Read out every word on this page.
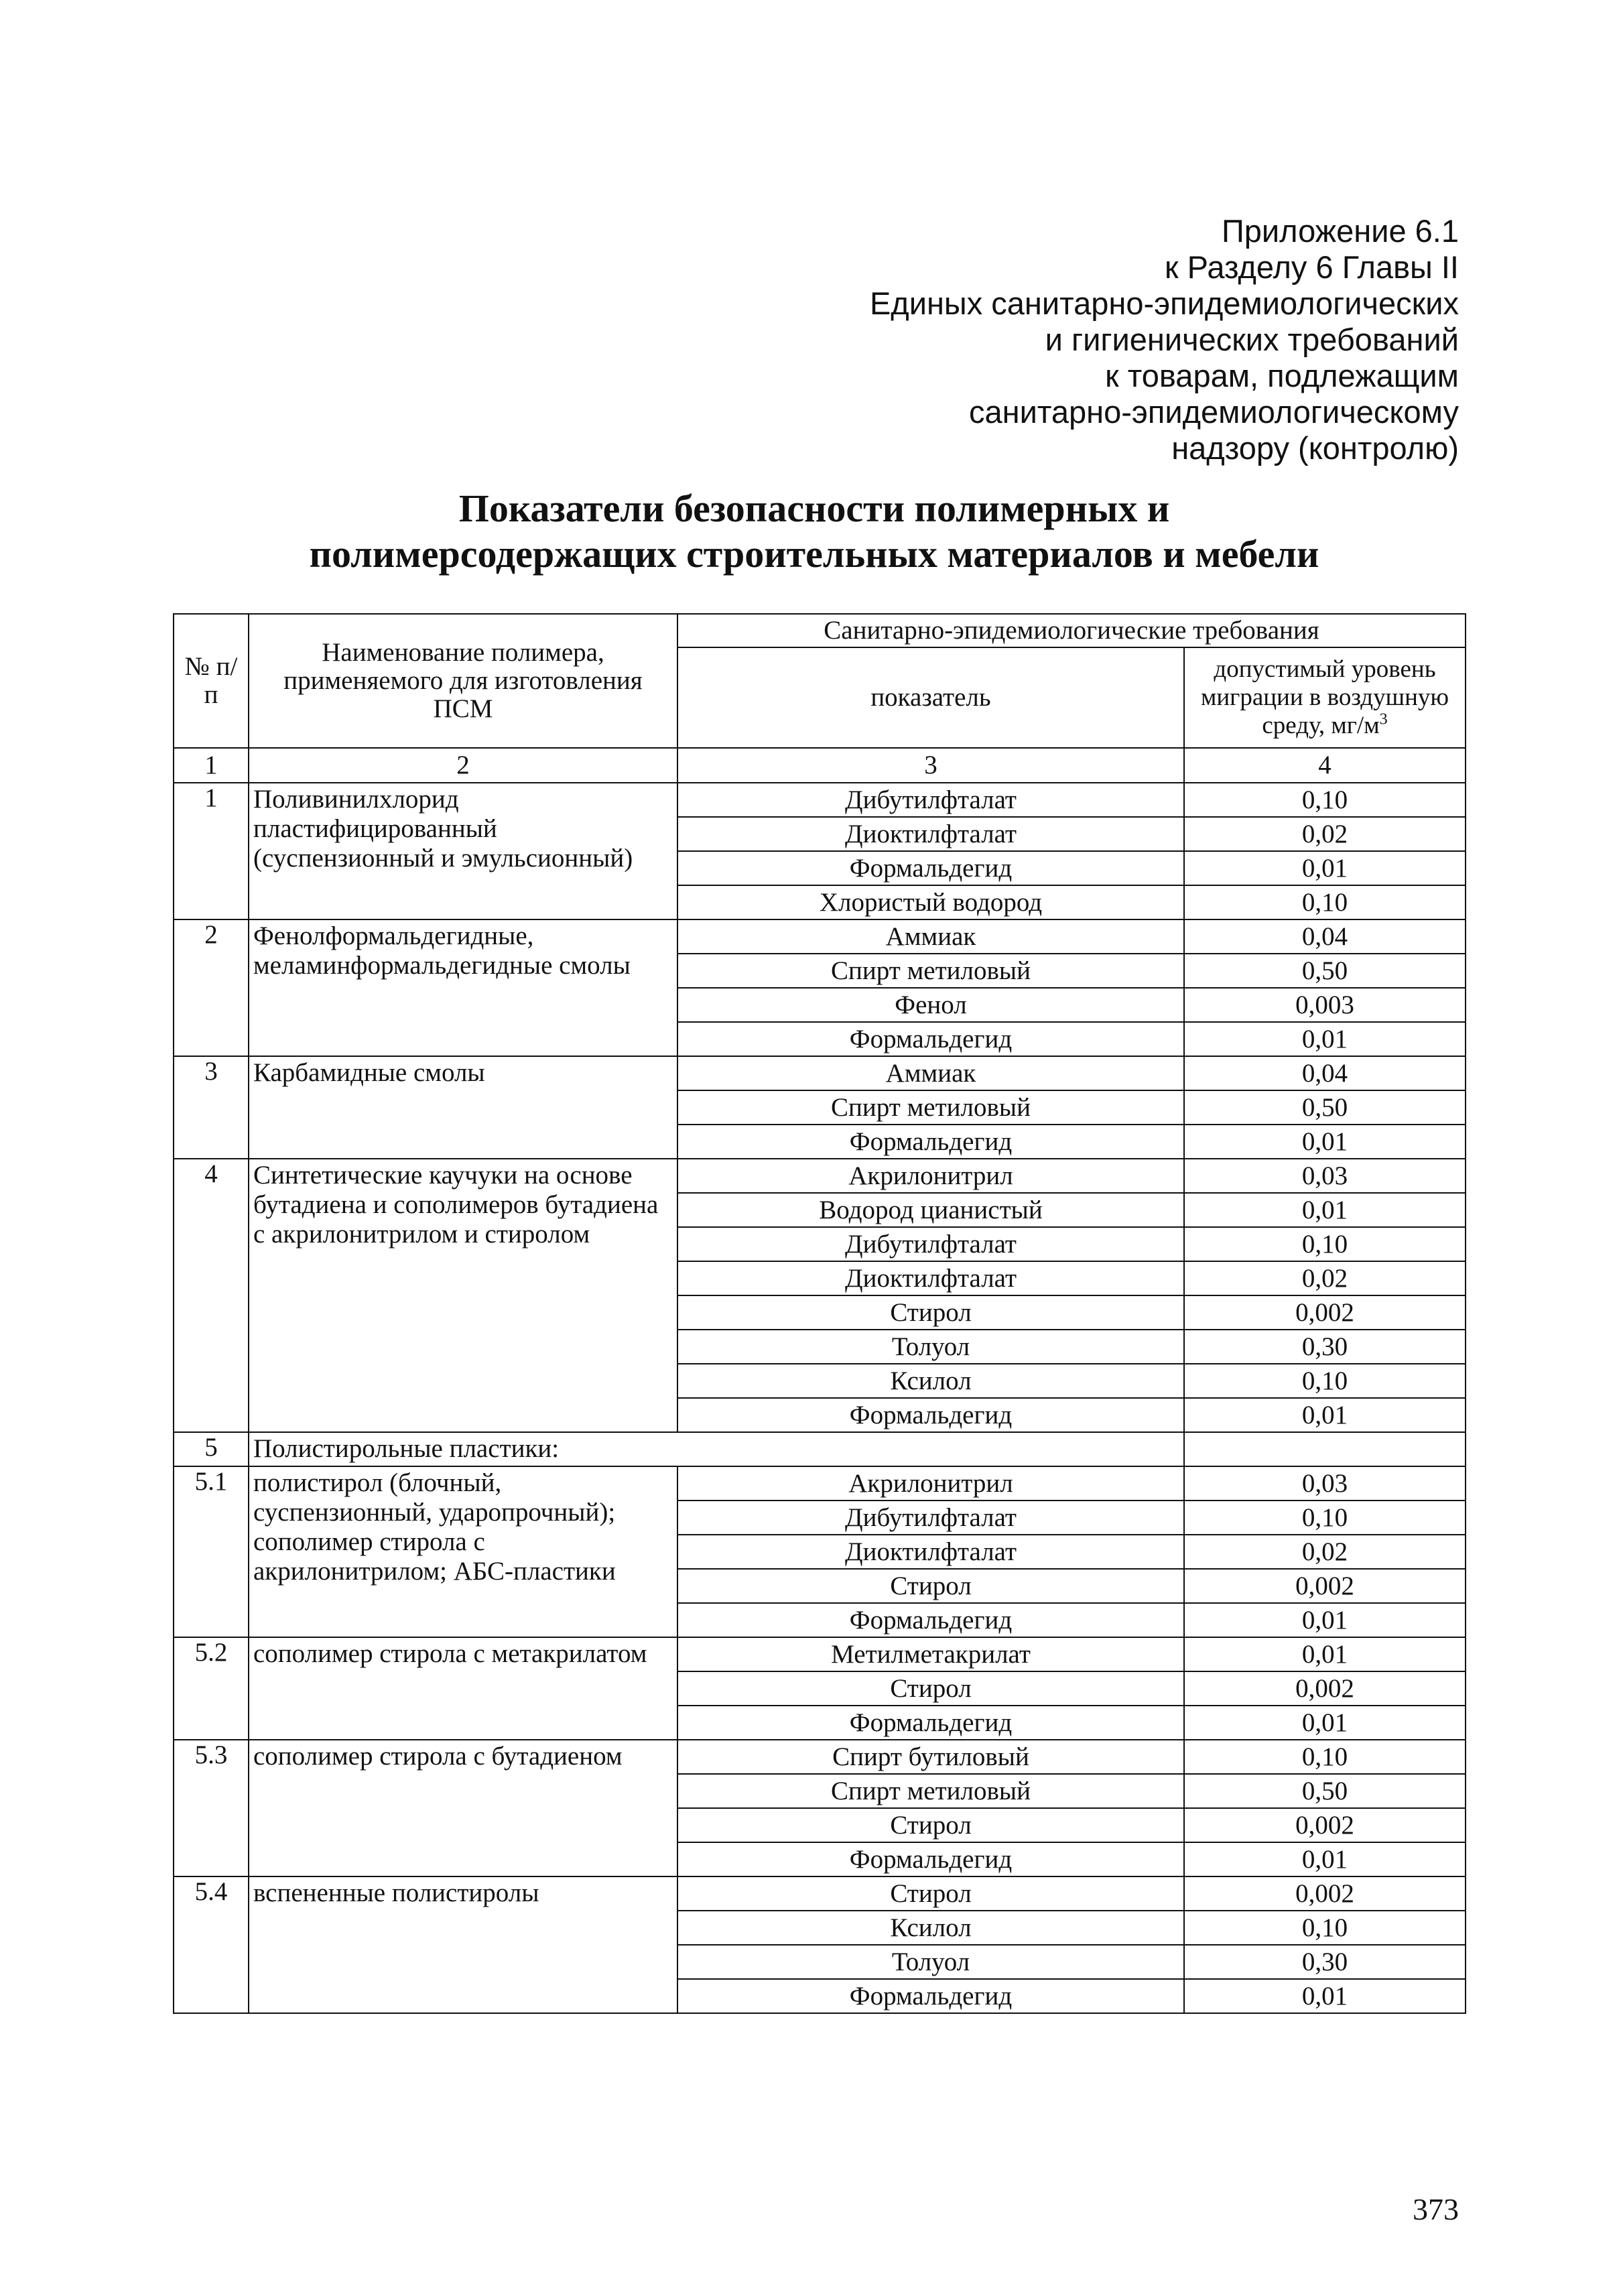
Приложение 6.1
к Разделу 6 Главы II
Единых санитарно-эпидемиологических
и гигиенических требований
к товарам, подлежащим
санитарно-эпидемиологическому
надзору (контролю)
Показатели безопасности полимерных и
полимерсодержащих строительных материалов и мебели
№ п/п	Наименование полимера, применяемого для изготовления ПСМ	Санитарно-эпидемиологические требования	
		показатель	допустимый уровень миграции в воздушную среду, $мг/м^3$
1	2	3	4
1	Поливинилхлорид пластифицированный (суспензионный и эмульсионный)	Дибутилфталат	0,10
		Диоктилфталат	0,02
		Формальдегид	0,01
		Хлористый водород	0,10
2	Фенолформальдегидные, меламинформальдегидные смолы	Аммиак	0,04
		Спирт метиловый	0,50
		Фенол	0,003
		Формальдегид	0,01
3	Карбамидные смолы	Аммиак	0,04
		Спирт метиловый	0,50
		Формальдегид	0,01
4	Синтетические каучуки на основе бутадиена и сополимеров бутадиена с акрилонитрилом и стиролом	Акрилонитрил	0,03
		Водород цианистый	0,01
		Дибутилфталат	0,10
		Диоктилфталат	0,02
		Стирол	0,002
		Толуол	0,30
		Ксилол	0,10
		Формальдегид	0,01
5	Полистирольные пластики:		
5.1	полистирол (блочный, суспензионный, ударопрочный); сополимер стирола с акрилонитрилом; АБС-пластики	Акрилонитрил	0,03
		Дибутилфталат	0,10
		Диоктилфталат	0,02
		Стирол	0,002
		Формальдегид	0,01
5.2	сополимер стирола с метакрилатом	Метилметакрилат	0,01
		Стирол	0,002
		Формальдегид	0,01
5.3	сополимер стирола с бутадиеном	Спирт бутиловый	0,10
		Спирт метиловый	0,50
		Стирол	0,002
		Формальдегид	0,01
5.4	вспененные полистиролы	Стирол	0,002
		Ксилол	0,10
		Толуол	0,30
		Формальдегид	0,01
373
